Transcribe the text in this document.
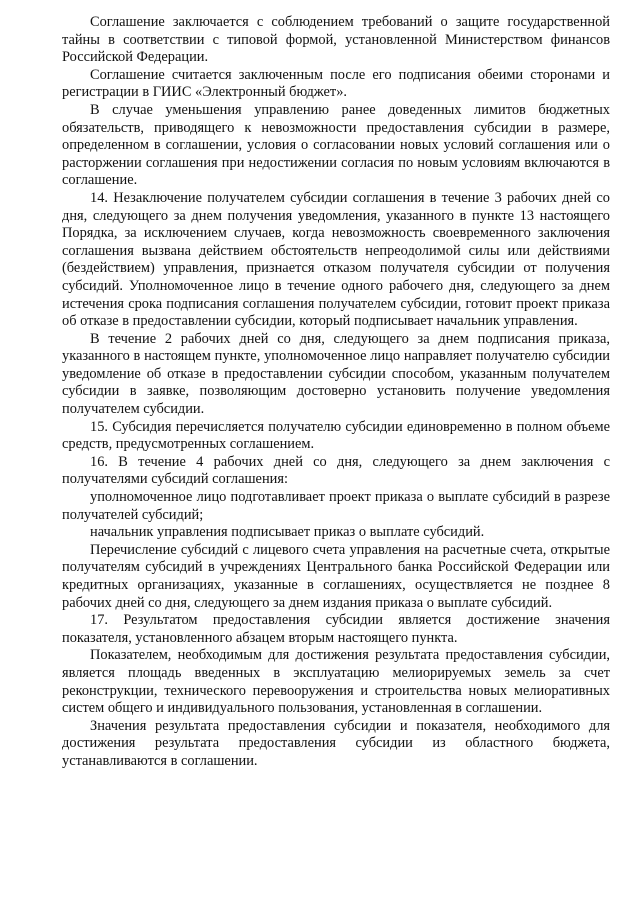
Соглашение заключается с соблюдением требований о защите государственной тайны в соответствии с типовой формой, установленной Министерством финансов Российской Федерации.

Соглашение считается заключенным после его подписания обеими сторонами и регистрации в ГИИС «Электронный бюджет».

В случае уменьшения управлению ранее доведенных лимитов бюджетных обязательств, приводящего к невозможности предоставления субсидии в размере, определенном в соглашении, условия о согласовании новых условий соглашения или о расторжении соглашения при недостижении согласия по новым условиям включаются в соглашение.

14. Незаключение получателем субсидии соглашения в течение 3 рабочих дней со дня, следующего за днем получения уведомления, указанного в пункте 13 настоящего Порядка, за исключением случаев, когда невозможность своевременного заключения соглашения вызвана действием обстоятельств непреодолимой силы или действиями (бездействием) управления, признается отказом получателя субсидии от получения субсидий. Уполномоченное лицо в течение одного рабочего дня, следующего за днем истечения срока подписания соглашения получателем субсидии, готовит проект приказа об отказе в предоставлении субсидии, который подписывает начальник управления.

В течение 2 рабочих дней со дня, следующего за днем подписания приказа, указанного в настоящем пункте, уполномоченное лицо направляет получателю субсидии уведомление об отказе в предоставлении субсидии способом, указанным получателем субсидии в заявке, позволяющим достоверно установить получение уведомления получателем субсидии.

15. Субсидия перечисляется получателю субсидии единовременно в полном объеме средств, предусмотренных соглашением.

16. В течение 4 рабочих дней со дня, следующего за днем заключения с получателями субсидий соглашения:

уполномоченное лицо подготавливает проект приказа о выплате субсидий в разрезе получателей субсидий;

начальник управления подписывает приказ о выплате субсидий.

Перечисление субсидий с лицевого счета управления на расчетные счета, открытые получателям субсидий в учреждениях Центрального банка Российской Федерации или кредитных организациях, указанные в соглашениях, осуществляется не позднее 8 рабочих дней со дня, следующего за днем издания приказа о выплате субсидий.

17. Результатом предоставления субсидии является достижение значения показателя, установленного абзацем вторым настоящего пункта.

Показателем, необходимым для достижения результата предоставления субсидии, является площадь введенных в эксплуатацию мелиорируемых земель за счет реконструкции, технического перевооружения и строительства новых мелиоративных систем общего и индивидуального пользования, установленная в соглашении.

Значения результата предоставления субсидии и показателя, необходимого для достижения результата предоставления субсидии из областного бюджета, устанавливаются в соглашении.
